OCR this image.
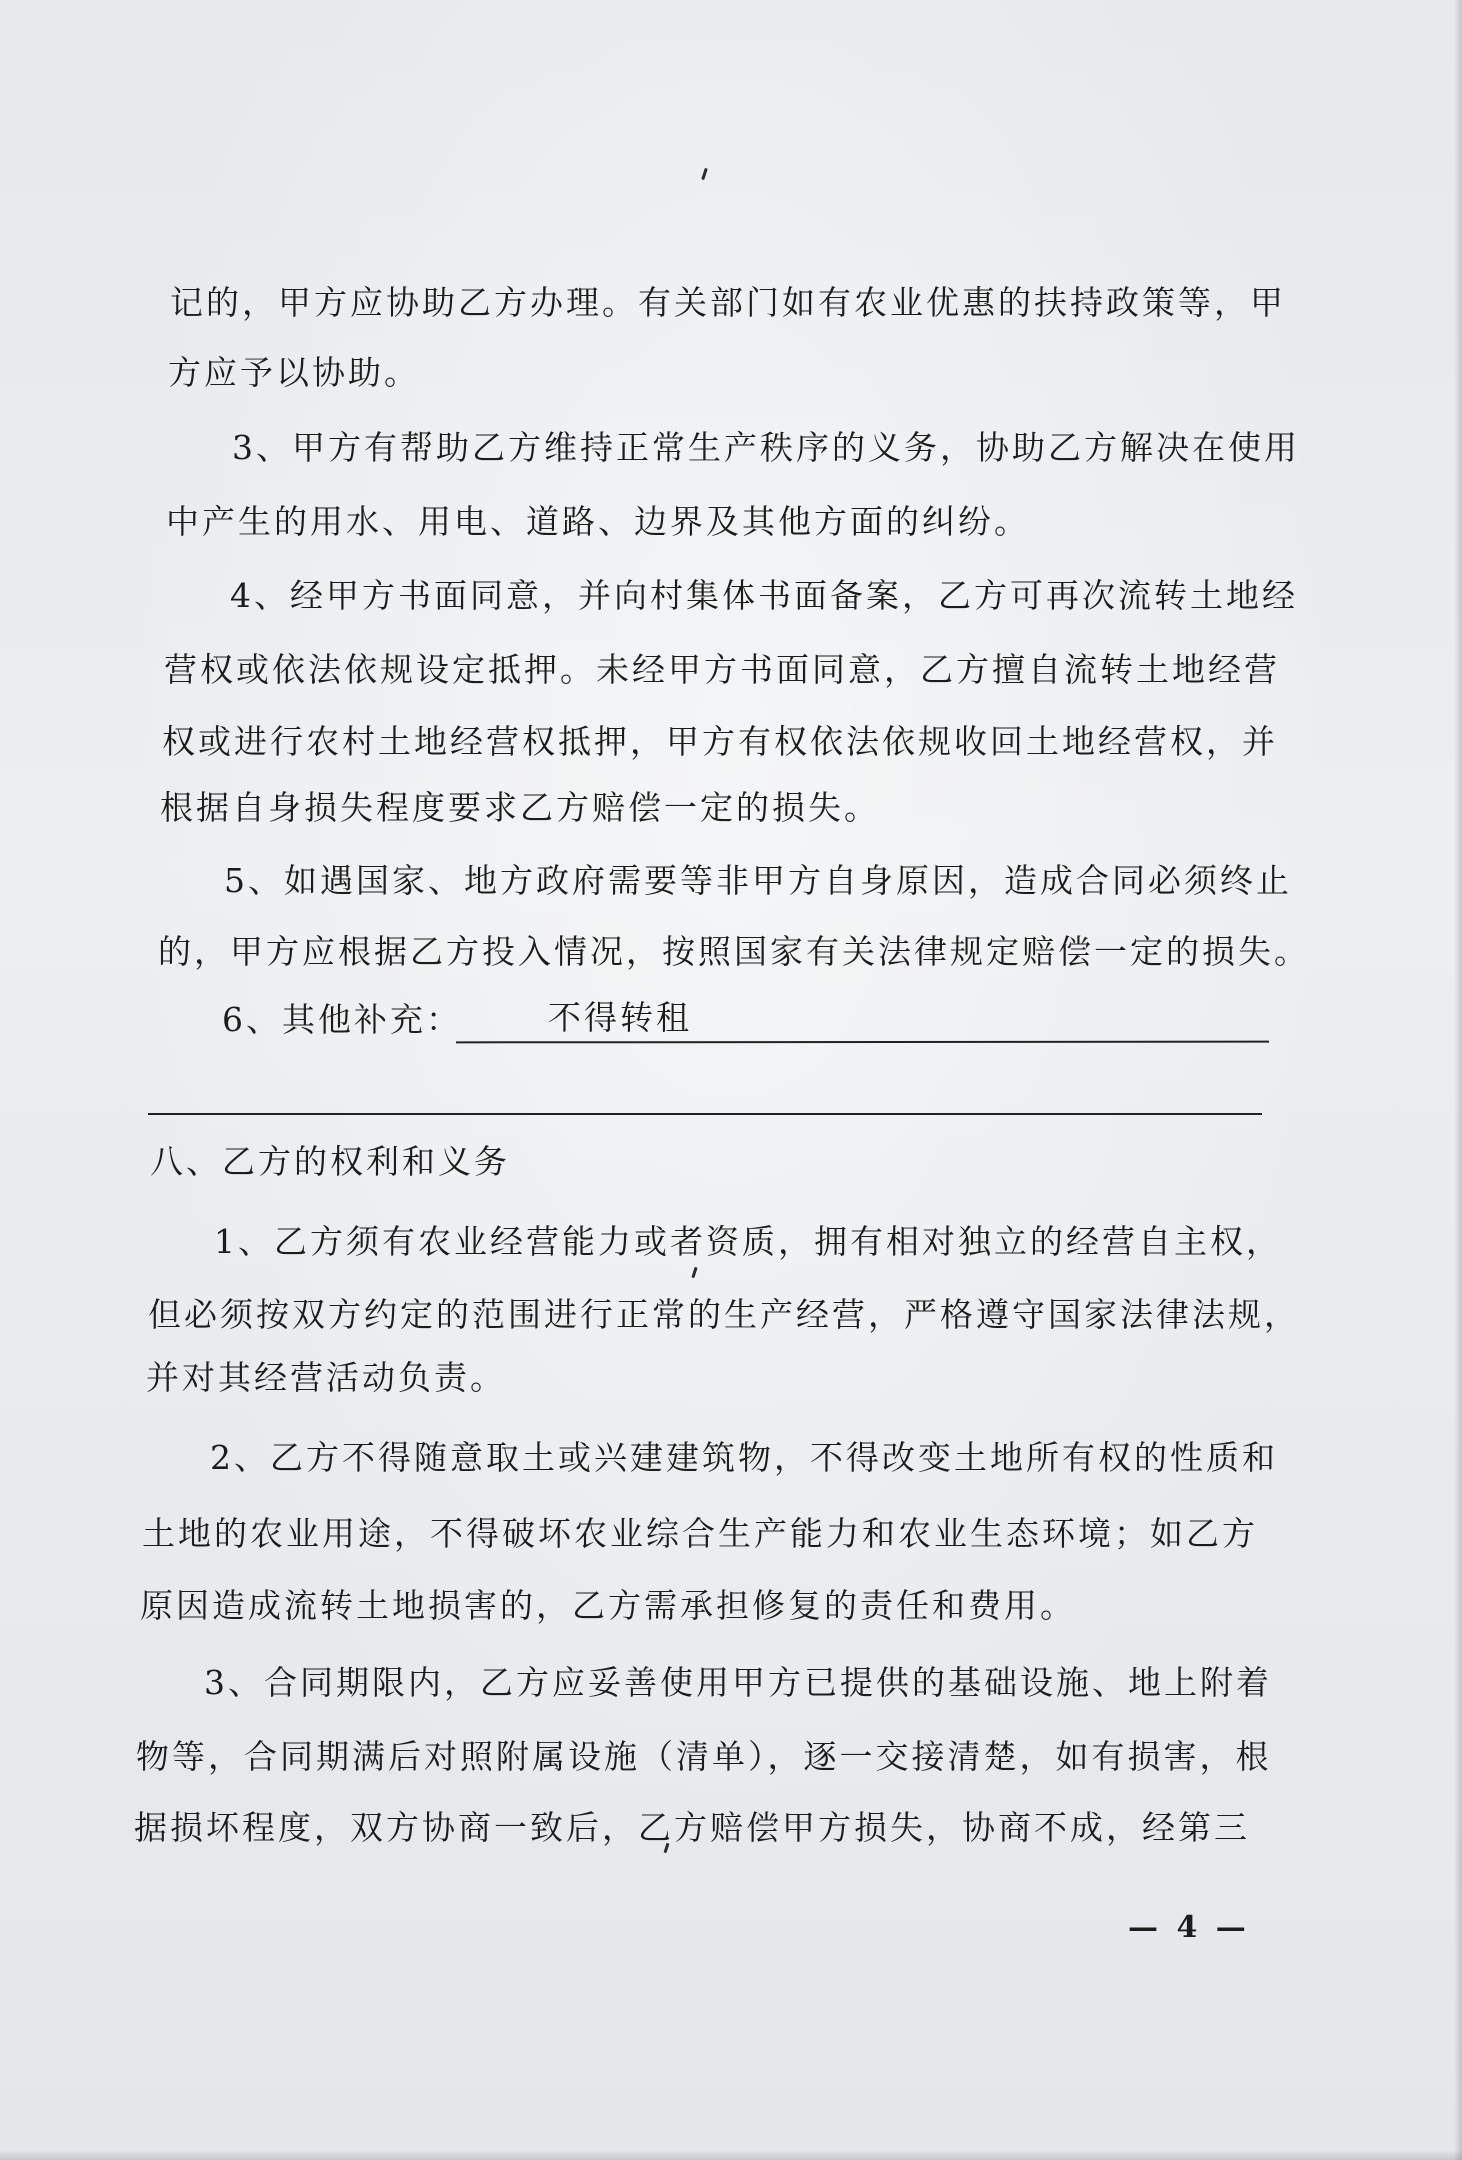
记的，甲方应协助乙方办理。有关部门如有农业优惠的扶持政策等，甲
方应予以协助。
3、甲方有帮助乙方维持正常生产秩序的义务，协助乙方解决在使用
中产生的用水、用电、道路、边界及其他方面的纠纷。
4、经甲方书面同意，并向村集体书面备案，乙方可再次流转土地经
营权或依法依规设定抵押。未经甲方书面同意，乙方擅自流转土地经营
权或进行农村土地经营权抵押，甲方有权依法依规收回土地经营权，并
根据自身损失程度要求乙方赔偿一定的损失。
5、如遇国家、地方政府需要等非甲方自身原因，造成合同必须终止
的，甲方应根据乙方投入情况，按照国家有关法律规定赔偿一定的损失。
6、其他补充：	不得转租
八、乙方的权利和义务
1、乙方须有农业经营能力或者资质，拥有相对独立的经营自主权，
但必须按双方约定的范围进行正常的生产经营，严格遵守国家法律法规，
并对其经营活动负责。
2、乙方不得随意取土或兴建建筑物，不得改变土地所有权的性质和
土地的农业用途，不得破坏农业综合生产能力和农业生态环境；如乙方
原因造成流转土地损害的，乙方需承担修复的责任和费用。
3、合同期限内，乙方应妥善使用甲方已提供的基础设施、地上附着
物等，合同期满后对照附属设施（清单），逐一交接清楚，如有损害，根
据损坏程度，双方协商一致后，乙方赔偿甲方损失，协商不成，经第三
— 4 —
